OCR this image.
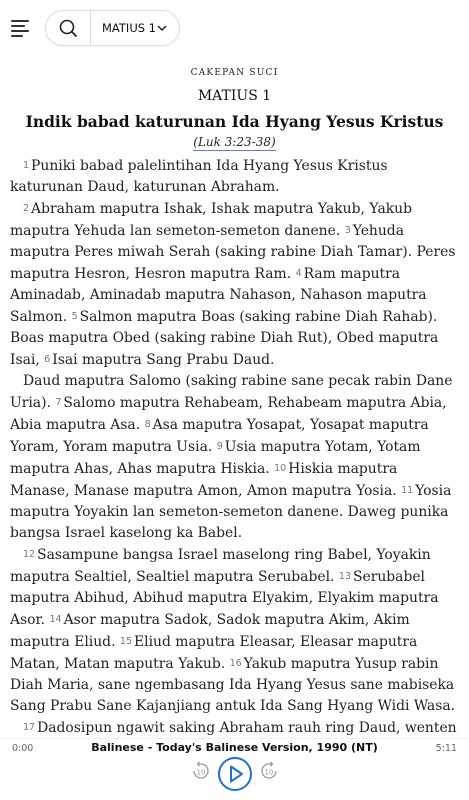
MATIUS 1
CAKEPAN SUCI
MATIUS 1
Indik babad katurunan Ida Hyang Yesus Kristus
(Luk 3:23-38)

1 Puniki babad palelintihan Ida Hyang Yesus Kristus katurunan Daud, katurunan Abraham.

2 Abraham maputra Ishak, Ishak maputra Yakub, Yakub maputra Yehuda lan semeton-semeton danene. 3 Yehuda maputra Peres miwah Serah (saking rabine Diah Tamar). Peres maputra Hesron, Hesron maputra Ram. 4 Ram maputra Aminadab, Aminadab maputra Nahason, Nahason maputra Salmon. 5 Salmon maputra Boas (saking rabine Diah Rahab). Boas maputra Obed (saking rabine Diah Rut), Obed maputra Isai, 6 Isai maputra Sang Prabu Daud.

Daud maputra Salomo (saking rabine sane pecak rabin Dane Uria). 7 Salomo maputra Rehabeam, Rehabeam maputra Abia, Abia maputra Asa. 8 Asa maputra Yosapat, Yosapat maputra Yoram, Yoram maputra Usia. 9 Usia maputra Yotam, Yotam maputra Ahas, Ahas maputra Hiskia. 10 Hiskia maputra Manase, Manase maputra Amon, Amon maputra Yosia. 11 Yosia maputra Yoyakin lan semeton-semeton danene. Daweg punika bangsa Israel kaselong ka Babel.

12 Sasampune bangsa Israel maselong ring Babel, Yoyakin maputra Sealtiel, Sealtiel maputra Serubabel. 13 Serubabel maputra Abihud, Abihud maputra Elyakim, Elyakim maputra Asor. 14 Asor maputra Sadok, Sadok maputra Akim, Akim maputra Eliud. 15 Eliud maputra Eleasar, Eleasar maputra Matan, Matan maputra Yakub. 16 Yakub maputra Yusup rabin Diah Maria, sane ngembasang Ida Hyang Yesus sane mabiseka Sang Prabu Sane Kajanjiang antuk Ida Sang Hyang Widi Wasa.

17 Dadosipun ngawit saking Abraham rauh ring Daud, wenten

0:00	Balinese - Today's Balinese Version, 1990 (NT)	5:11
10	10
